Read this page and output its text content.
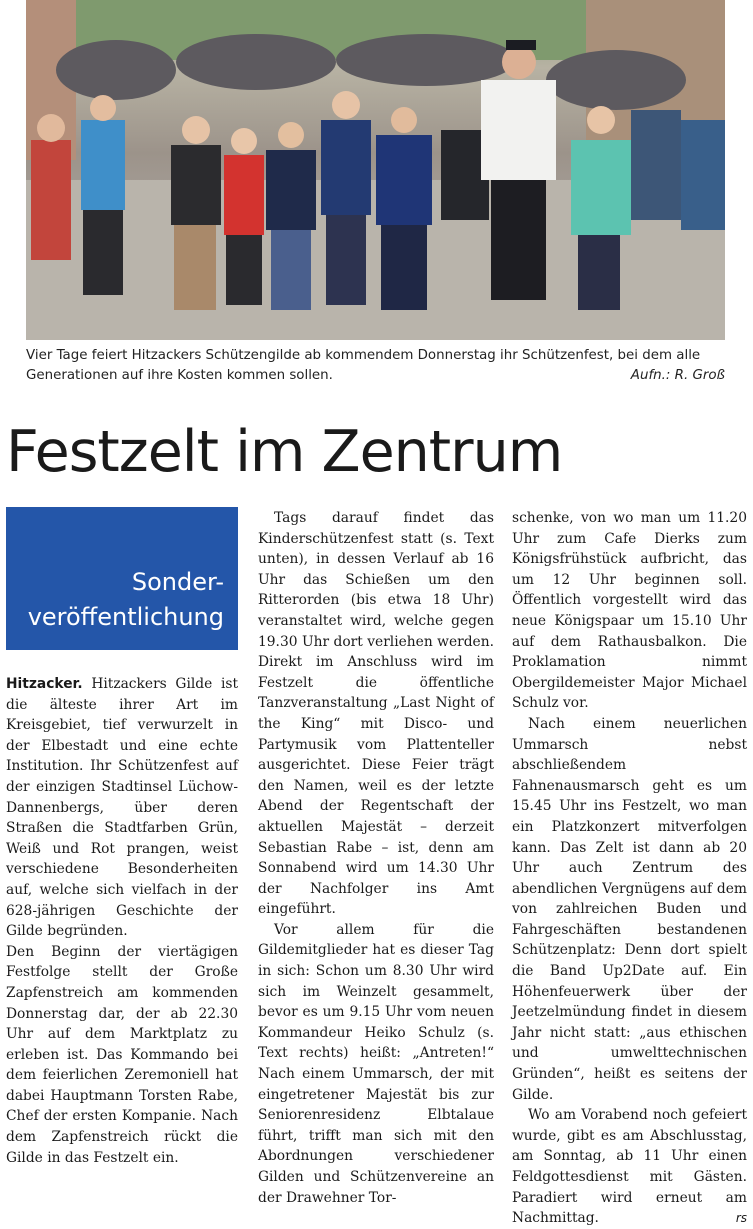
Vier Tage feiert Hitzackers Schützengilde ab kommendem Donnerstag ihr Schützenfest, bei dem alle Generationen auf ihre Kosten kommen sollen.	Aufn.: R. Groß
Festzelt im Zentrum
Sonder-
veröffentlichung

Hitzacker. Hitzackers Gilde ist die älteste ihrer Art im Kreisgebiet, tief verwurzelt in der Elbestadt und eine echte Institution. Ihr Schützenfest auf der einzigen Stadtinsel Lüchow-Dannenbergs, über deren Straßen die Stadtfarben Grün, Weiß und Rot prangen, weist verschiedene Besonderheiten auf, welche sich vielfach in der 628-jährigen Geschichte der Gilde begründen.

Den Beginn der viertägigen Festfolge stellt der Große Zapfenstreich am kommenden Donnerstag dar, der ab 22.30 Uhr auf dem Marktplatz zu erleben ist. Das Kommando bei dem feierlichen Zeremoniell hat dabei Hauptmann Torsten Rabe, Chef der ersten Kompanie. Nach dem Zapfenstreich rückt die Gilde in das Festzelt ein.

Tags darauf findet das Kinderschützenfest statt (s. Text unten), in dessen Verlauf ab 16 Uhr das Schießen um den Ritterorden (bis etwa 18 Uhr) veranstaltet wird, welche gegen 19.30 Uhr dort verliehen werden. Direkt im Anschluss wird im Festzelt die öffentliche Tanzveranstaltung „Last Night of the King“ mit Disco- und Partymusik vom Plattenteller ausgerichtet. Diese Feier trägt den Namen, weil es der letzte Abend der Regentschaft der aktuellen Majestät – derzeit Sebastian Rabe – ist, denn am Sonnabend wird um 14.30 Uhr der Nachfolger ins Amt eingeführt.

Vor allem für die Gildemitglieder hat es dieser Tag in sich: Schon um 8.30 Uhr wird sich im Weinzelt gesammelt, bevor es um 9.15 Uhr vom neuen Kommandeur Heiko Schulz (s. Text rechts) heißt: „Antreten!“ Nach einem Ummarsch, der mit eingetretener Majestät bis zur Seniorenresidenz Elbtalaue führt, trifft man sich mit den Abordnungen verschiedener Gilden und Schützenvereine an der Drawehner Tor-

schenke, von wo man um 11.20 Uhr zum Cafe Dierks zum Königsfrühstück aufbricht, das um 12 Uhr beginnen soll. Öffentlich vorgestellt wird das neue Königspaar um 15.10 Uhr auf dem Rathausbalkon. Die Proklamation nimmt Obergildemeister Major Michael Schulz vor.

Nach einem neuerlichen Ummarsch nebst abschließendem Fahnenausmarsch geht es um 15.45 Uhr ins Festzelt, wo man ein Platzkonzert mitverfolgen kann. Das Zelt ist dann ab 20 Uhr auch Zentrum des abendlichen Vergnügens auf dem von zahlreichen Buden und Fahrgeschäften bestandenen Schützenplatz: Denn dort spielt die Band Up2Date auf. Ein Höhenfeuerwerk über der Jeetzelmündung findet in diesem Jahr nicht statt: „aus ethischen und umwelttechnischen Gründen“, heißt es seitens der Gilde.

Wo am Vorabend noch gefeiert wurde, gibt es am Abschlusstag, am Sonntag, ab 11 Uhr einen Feldgottesdienst mit Gästen. Paradiert wird erneut am Nachmittag.	rs
